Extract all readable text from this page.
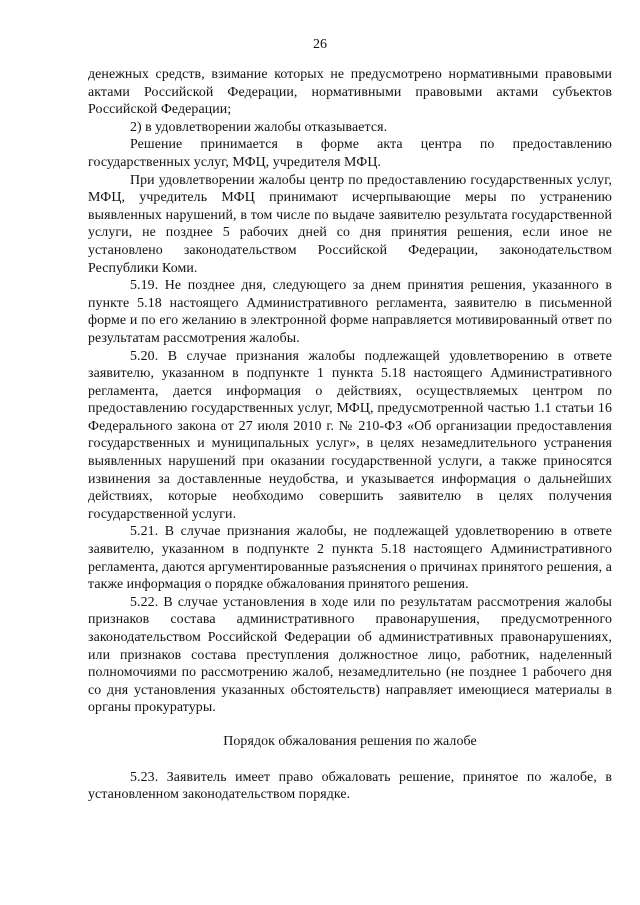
26

денежных средств, взимание которых не предусмотрено нормативными правовыми актами Российской Федерации, нормативными правовыми актами субъектов Российской Федерации;

2) в удовлетворении жалобы отказывается.

Решение принимается в форме акта центра по предоставлению государственных услуг, МФЦ, учредителя МФЦ.

При удовлетворении жалобы центр по предоставлению государственных услуг, МФЦ, учредитель МФЦ принимают исчерпывающие меры по устранению выявленных нарушений, в том числе по выдаче заявителю результата государственной услуги, не позднее 5 рабочих дней со дня принятия решения, если иное не установлено законодательством Российской Федерации, законодательством Республики Коми.

5.19. Не позднее дня, следующего за днем принятия решения, указанного в пункте 5.18 настоящего Административного регламента, заявителю в письменной форме и по его желанию в электронной форме направляется мотивированный ответ по результатам рассмотрения жалобы.

5.20. В случае признания жалобы подлежащей удовлетворению в ответе заявителю, указанном в подпункте 1 пункта 5.18 настоящего Административного регламента, дается информация о действиях, осуществляемых центром по предоставлению государственных услуг, МФЦ, предусмотренной частью 1.1 статьи 16 Федерального закона от 27 июля 2010 г. № 210-ФЗ «Об организации предоставления государственных и муниципальных услуг», в целях незамедлительного устранения выявленных нарушений при оказании государственной услуги, а также приносятся извинения за доставленные неудобства, и указывается информация о дальнейших действиях, которые необходимо совершить заявителю в целях получения государственной услуги.

5.21. В случае признания жалобы, не подлежащей удовлетворению в ответе заявителю, указанном в подпункте 2 пункта 5.18 настоящего Административного регламента, даются аргументированные разъяснения о причинах принятого решения, а также информация о порядке обжалования принятого решения.

5.22. В случае установления в ходе или по результатам рассмотрения жалобы признаков состава административного правонарушения, предусмотренного законодательством Российской Федерации об административных правонарушениях, или признаков состава преступления должностное лицо, работник, наделенный полномочиями по рассмотрению жалоб, незамедлительно (не позднее 1 рабочего дня со дня установления указанных обстоятельств) направляет имеющиеся материалы в органы прокуратуры.

Порядок обжалования решения по жалобе

5.23. Заявитель имеет право обжаловать решение, принятое по жалобе, в установленном законодательством порядке.
